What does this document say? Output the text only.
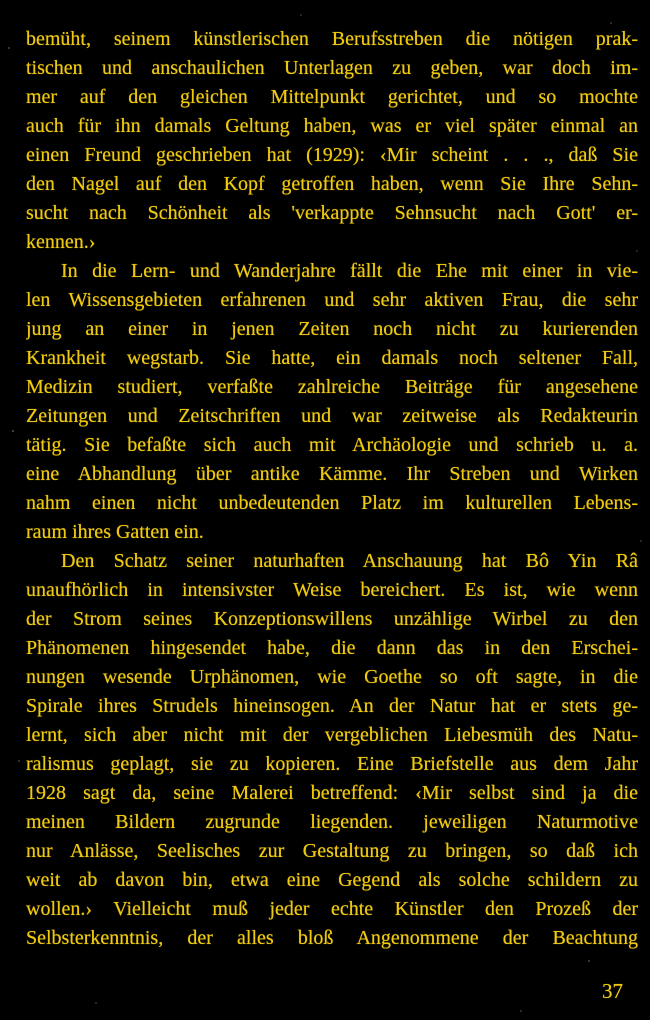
bemüht, seinem künstlerischen Berufsstreben die nötigen prak-
tischen und anschaulichen Unterlagen zu geben, war doch im-
mer auf den gleichen Mittelpunkt gerichtet, und so mochte
auch für ihn damals Geltung haben, was er viel später einmal an
einen Freund geschrieben hat (1929): ‹Mir scheint . . ., daß Sie
den Nagel auf den Kopf getroffen haben, wenn Sie Ihre Sehn-
sucht nach Schönheit als 'verkappte Sehnsucht nach Gott' er-
kennen.›
In die Lern- und Wanderjahre fällt die Ehe mit einer in vie-
len Wissensgebieten erfahrenen und sehr aktiven Frau, die sehr
jung an einer in jenen Zeiten noch nicht zu kurierenden
Krankheit wegstarb. Sie hatte, ein damals noch seltener Fall,
Medizin studiert, verfaßte zahlreiche Beiträge für angesehene
Zeitungen und Zeitschriften und war zeitweise als Redakteurin
tätig. Sie befaßte sich auch mit Archäologie und schrieb u. a.
eine Abhandlung über antike Kämme. Ihr Streben und Wirken
nahm einen nicht unbedeutenden Platz im kulturellen Lebens-
raum ihres Gatten ein.
Den Schatz seiner naturhaften Anschauung hat Bô Yin Râ
unaufhörlich in intensivster Weise bereichert. Es ist, wie wenn
der Strom seines Konzeptionswillens unzählige Wirbel zu den
Phänomenen hingesendet habe, die dann das in den Erschei-
nungen wesende Urphänomen, wie Goethe so oft sagte, in die
Spirale ihres Strudels hineinsogen. An der Natur hat er stets ge-
lernt, sich aber nicht mit der vergeblichen Liebesmüh des Natu-
ralismus geplagt, sie zu kopieren. Eine Briefstelle aus dem Jahr
1928 sagt da, seine Malerei betreffend: ‹Mir selbst sind ja die
meinen Bildern zugrunde liegenden. jeweiligen Naturmotive
nur Anlässe, Seelisches zur Gestaltung zu bringen, so daß ich
weit ab davon bin, etwa eine Gegend als solche schildern zu
wollen.› Vielleicht muß jeder echte Künstler den Prozeß der
Selbsterkenntnis, der alles bloß Angenommene der Beachtung
37
